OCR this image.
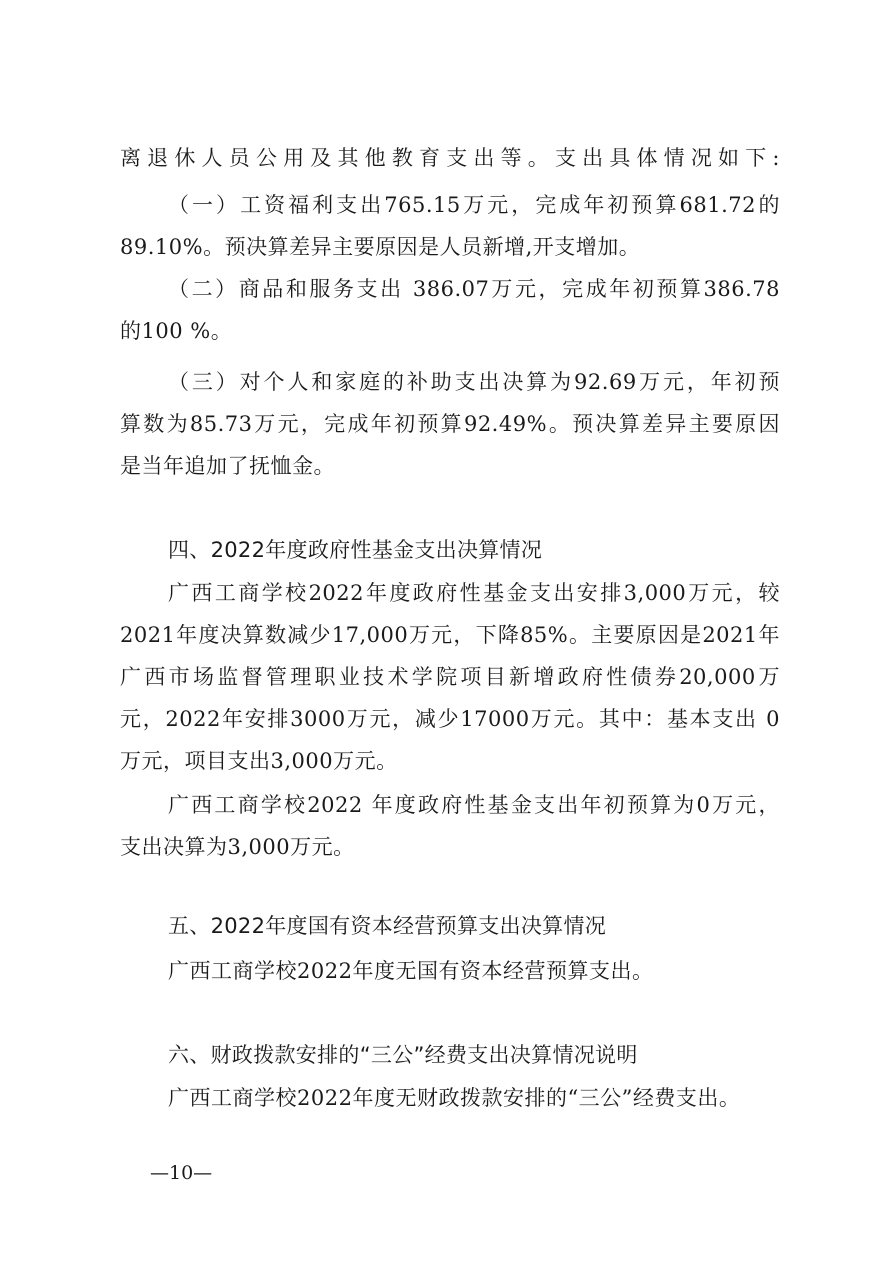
离退休人员公用及其他教育支出等。支出具体情况如下:
（一）工资福利支出765.15万元，完成年初预算681.72的
89.10%。预决算差异主要原因是人员新增,开支增加。
（二）商品和服务支出 386.07万元，完成年初预算386.78
的100 %。
（三）对个人和家庭的补助支出决算为92.69万元，年初预
算数为85.73万元，完成年初预算92.49%。预决算差异主要原因
是当年追加了抚恤金。
四、2022年度政府性基金支出决算情况
广西工商学校2022年度政府性基金支出安排3,000万元，较
2021年度决算数减少17,000万元，下降85%。主要原因是2021年
广西市场监督管理职业技术学院项目新增政府性债券20,000万
元，2022年安排3000万元，减少17000万元。其中：基本支出 0
万元，项目支出3,000万元。
广西工商学校2022 年度政府性基金支出年初预算为0万元，
支出决算为3,000万元。
五、2022年度国有资本经营预算支出决算情况
广西工商学校2022年度无国有资本经营预算支出。
六、财政拨款安排的“三公”经费支出决算情况说明
广西工商学校2022年度无财政拨款安排的“三公”经费支出。
—10—
